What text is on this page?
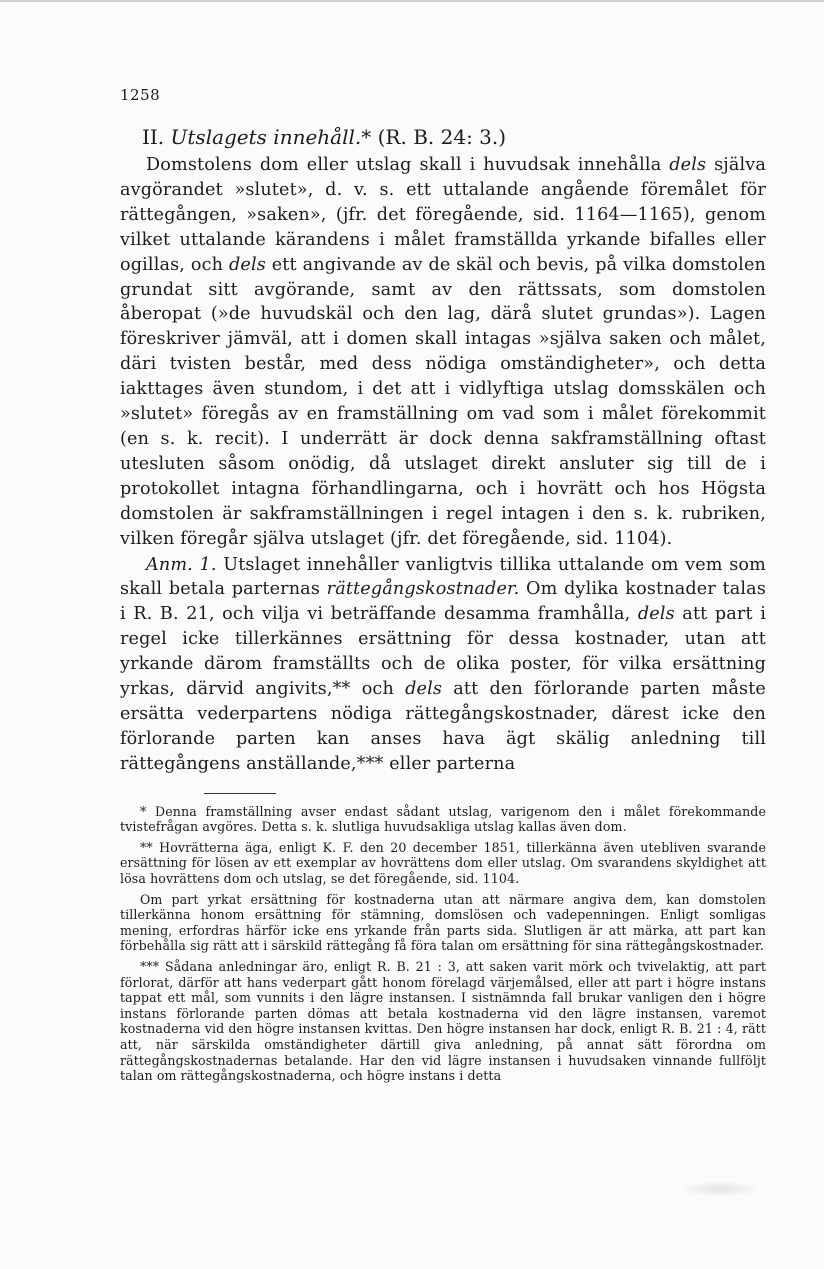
1258
II. Utslagets innehåll.* (R. B. 24: 3.)

Domstolens dom eller utslag skall i huvudsak innehålla dels själva avgörandet »slutet», d. v. s. ett uttalande angående föremålet för rättegången, »saken», (jfr. det föregående, sid. 1164—1165), genom vilket uttalande kärandens i målet framställda yrkande bifalles eller ogillas, och dels ett angivande av de skäl och bevis, på vilka domstolen grundat sitt avgörande, samt av den rättssats, som domstolen åberopat (»de huvudskäl och den lag, därå slutet grundas»). Lagen föreskriver jämväl, att i domen skall intagas »själva saken och målet, däri tvisten består, med dess nödiga omständigheter», och detta iakttages även stundom, i det att i vidlyftiga utslag domsskälen och »slutet» föregås av en framställning om vad som i målet förekommit (en s. k. recit). I underrätt är dock denna sakframställning oftast utesluten såsom onödig, då utslaget direkt ansluter sig till de i protokollet intagna förhandlingarna, och i hovrätt och hos Högsta domstolen är sakframställningen i regel intagen i den s. k. rubriken, vilken föregår själva utslaget (jfr. det föregående, sid. 1104).

Anm. 1. Utslaget innehåller vanligtvis tillika uttalande om vem som skall betala parternas rättegångskostnader. Om dylika kostnader talas i R. B. 21, och vilja vi beträffande desamma framhålla, dels att part i regel icke tillerkännes ersättning för dessa kostnader, utan att yrkande därom framställts och de olika poster, för vilka ersättning yrkas, därvid angivits,** och dels att den förlorande parten måste ersätta vederpartens nödiga rättegångskostnader, därest icke den förlorande parten kan anses hava ägt skälig anledning till rättegångens anställande,*** eller parterna

* Denna framställning avser endast sådant utslag, varigenom den i målet förekommande tvistefrågan avgöres. Detta s. k. slutliga huvudsakliga utslag kallas även dom.

** Hovrätterna äga, enligt K. F. den 20 december 1851, tillerkänna även utebliven svarande ersättning för lösen av ett exemplar av hovrättens dom eller utslag. Om svarandens skyldighet att lösa hovrättens dom och utslag, se det föregående, sid. 1104.

Om part yrkat ersättning för kostnaderna utan att närmare angiva dem, kan domstolen tillerkänna honom ersättning för stämning, domslösen och vadepenningen. Enligt somligas mening, erfordras härför icke ens yrkande från parts sida. Slutligen är att märka, att part kan förbehålla sig rätt att i särskild rättegång få föra talan om ersättning för sina rättegångskostnader.

*** Sådana anledningar äro, enligt R. B. 21 : 3, att saken varit mörk och tvivelaktig, att part förlorat, därför att hans vederpart gått honom förelagd värjemålsed, eller att part i högre instans tappat ett mål, som vunnits i den lägre instansen. I sistnämnda fall brukar vanligen den i högre instans förlorande parten dömas att betala kostnaderna vid den lägre instansen, varemot kostnaderna vid den högre instansen kvittas. Den högre instansen har dock, enligt R. B. 21 : 4, rätt att, när särskilda omständigheter därtill giva anledning, på annat sätt förordna om rättegångskostnadernas betalande. Har den vid lägre instansen i huvudsaken vinnande fullföljt talan om rättegångskostnaderna, och högre instans i detta
